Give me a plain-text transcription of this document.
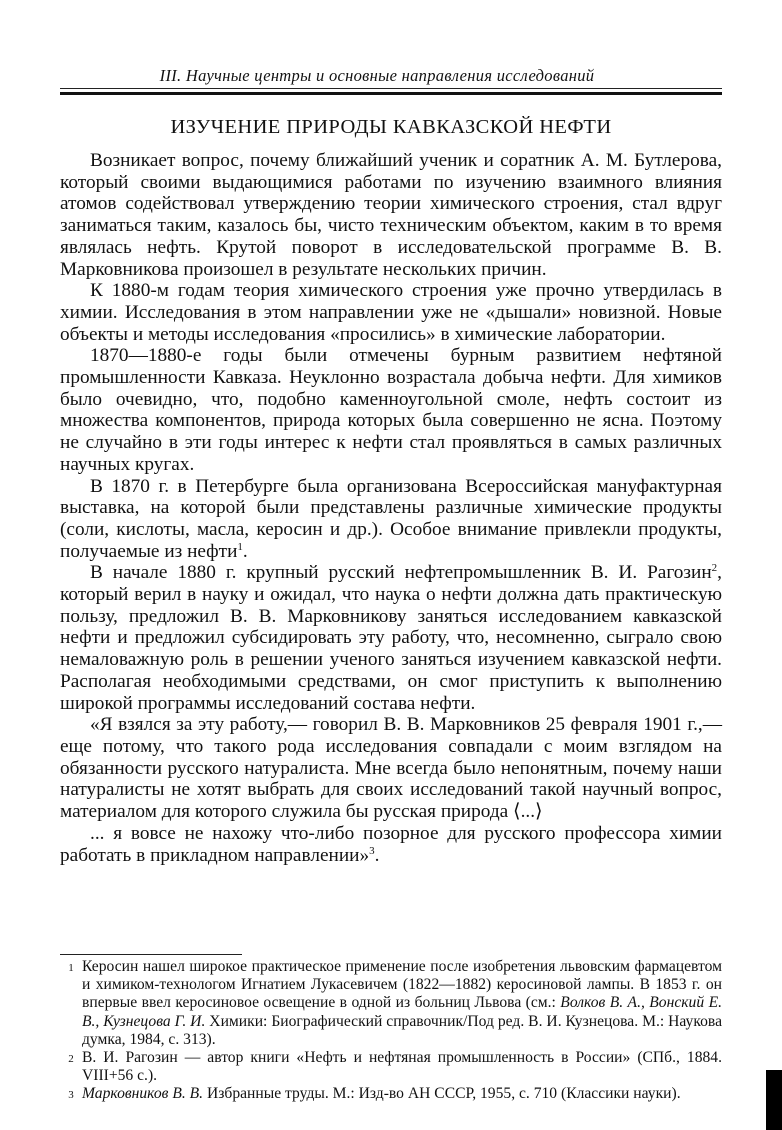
III. Научные центры и основные направления исследований
ИЗУЧЕНИЕ ПРИРОДЫ КАВКАЗСКОЙ НЕФТИ

Возникает вопрос, почему ближайший ученик и соратник А. М. Бутлерова, который своими выдающимися работами по изучению взаимного влияния атомов содействовал утверждению теории химического строения, стал вдруг заниматься таким, казалось бы, чисто техническим объектом, каким в то время являлась нефть. Крутой поворот в исследовательской программе В. В. Марковникова произошел в результате нескольких причин.

К 1880-м годам теория химического строения уже прочно утвердилась в химии. Исследования в этом направлении уже не «дышали» новизной. Новые объекты и методы исследования «просились» в химические лаборатории.

1870—1880-е годы были отмечены бурным развитием нефтяной промышленности Кавказа. Неуклонно возрастала добыча нефти. Для химиков было очевидно, что, подобно каменноугольной смоле, нефть состоит из множества компонентов, природа которых была совершенно не ясна. Поэтому не случайно в эти годы интерес к нефти стал проявляться в самых различных научных кругах.

В 1870 г. в Петербурге была организована Всероссийская мануфактурная выставка, на которой были представлены различные химические продукты (соли, кислоты, масла, керосин и др.). Особое внимание привлекли продукты, получаемые из нефти$^1$.

В начале 1880 г. крупный русский нефтепромышленник В. И. Рагозин$^2$, который верил в науку и ожидал, что наука о нефти должна дать практическую пользу, предложил В. В. Марковникову заняться исследованием кавказской нефти и предложил субсидировать эту работу, что, несомненно, сыграло свою немаловажную роль в решении ученого заняться изучением кавказской нефти. Располагая необходимыми средствами, он смог приступить к выполнению широкой программы исследований состава нефти.

«Я взялся за эту работу,— говорил В. В. Марковников 25 февраля 1901 г.,— еще потому, что такого рода исследования совпадали с моим взглядом на обязанности русского натуралиста. Мне всегда было непонятным, почему наши натуралисты не хотят выбрать для своих исследований такой научный вопрос, материалом для которого служила бы русская природа ⟨...⟩

... я вовсе не нахожу что-либо позорное для русского профессора химии работать в прикладном направлении»$^3$.

1 Керосин нашел широкое практическое применение после изобретения львовским фармацевтом и химиком-технологом Игнатием Лукасевичем (1822—1882) керосиновой лампы. В 1853 г. он впервые ввел керосиновое освещение в одной из больниц Львова (см.: Волков В. А., Вонский Е. В., Кузнецова Г. И. Химики: Биографический справочник/Под ред. В. И. Кузнецова. М.: Наукова думка, 1984, с. 313).
2 В. И. Рагозин — автор книги «Нефть и нефтяная промышленность в России» (СПб., 1884. VIII+56 с.).
3 Марковников В. В. Избранные труды. М.: Изд-во АН СССР, 1955, с. 710 (Классики науки).
